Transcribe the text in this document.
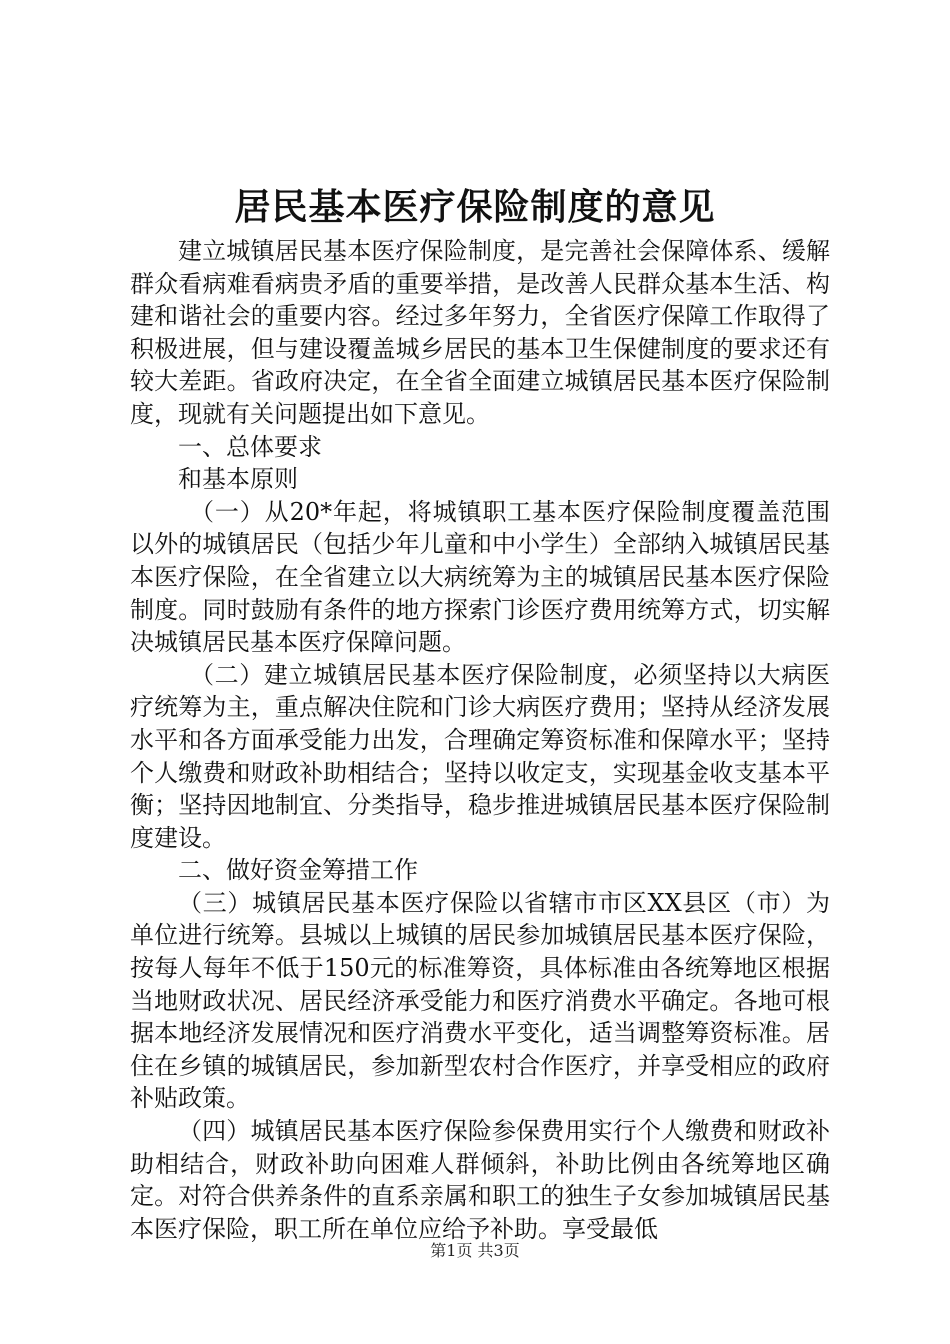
居民基本医疗保险制度的意见

建立城镇居民基本医疗保险制度，是完善社会保障体系、缓解群众看病难看病贵矛盾的重要举措，是改善人民群众基本生活、构建和谐社会的重要内容。经过多年努力，全省医疗保障工作取得了积极进展，但与建设覆盖城乡居民的基本卫生保健制度的要求还有较大差距。省政府决定，在全省全面建立城镇居民基本医疗保险制度，现就有关问题提出如下意见。

一、总体要求

和基本原则

（一）从20*年起，将城镇职工基本医疗保险制度覆盖范围以外的城镇居民（包括少年儿童和中小学生）全部纳入城镇居民基本医疗保险，在全省建立以大病统筹为主的城镇居民基本医疗保险制度。同时鼓励有条件的地方探索门诊医疗费用统筹方式，切实解决城镇居民基本医疗保障问题。

（二）建立城镇居民基本医疗保险制度，必须坚持以大病医疗统筹为主，重点解决住院和门诊大病医疗费用；坚持从经济发展水平和各方面承受能力出发，合理确定筹资标准和保障水平；坚持个人缴费和财政补助相结合；坚持以收定支，实现基金收支基本平衡；坚持因地制宜、分类指导，稳步推进城镇居民基本医疗保险制度建设。

二、做好资金筹措工作

（三）城镇居民基本医疗保险以省辖市市区XX县区（市）为单位进行统筹。县城以上城镇的居民参加城镇居民基本医疗保险，按每人每年不低于150元的标准筹资，具体标准由各统筹地区根据当地财政状况、居民经济承受能力和医疗消费水平确定。各地可根据本地经济发展情况和医疗消费水平变化，适当调整筹资标准。居住在乡镇的城镇居民，参加新型农村合作医疗，并享受相应的政府补贴政策。

（四）城镇居民基本医疗保险参保费用实行个人缴费和财政补助相结合，财政补助向困难人群倾斜，补助比例由各统筹地区确定。对符合供养条件的直系亲属和职工的独生子女参加城镇居民基本医疗保险，职工所在单位应给予补助。享受最低

第1页 共3页
